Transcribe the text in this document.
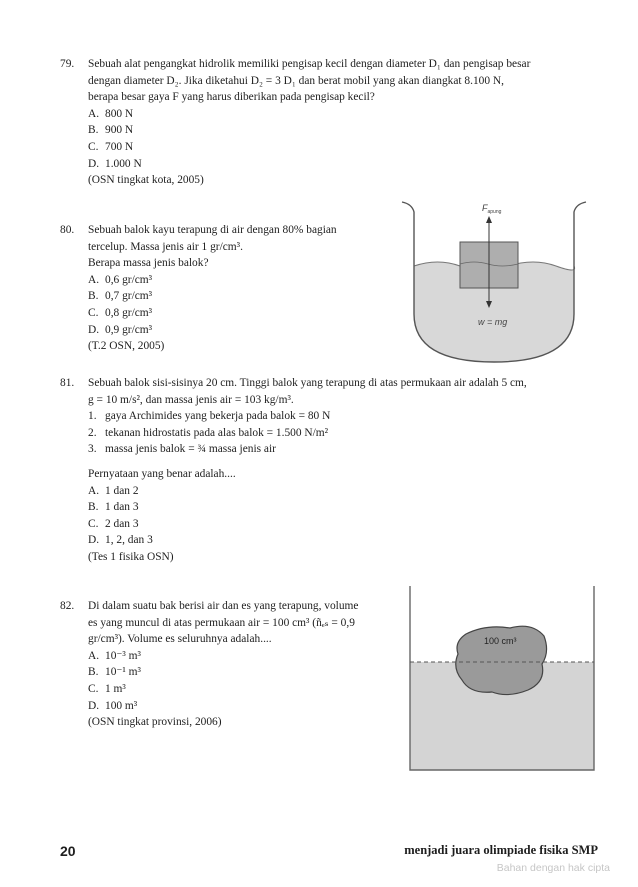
79.	Sebuah alat pengangkat hidrolik memiliki pengisap kecil dengan diameter D₁ dan pengisap besar
dengan diameter D₂. Jika diketahui D₂ = 3 D₁ dan berat mobil yang akan diangkat 8.100 N,
berapa besar gaya F yang harus diberikan pada pengisap kecil?
A. 800 N
B. 900 N
C. 700 N
D. 1.000 N
(OSN tingkat kota, 2005)
80.	Sebuah balok kayu terapung di air dengan 80% bagian
tercelup. Massa jenis air 1 gr/cm³.
Berapa massa jenis balok?
A. 0,6 gr/cm³
B. 0,7 gr/cm³
C. 0,8 gr/cm³
D. 0,9 gr/cm³
(T.2 OSN, 2005)
$F_{apung}$
w = mg
81.	Sebuah balok sisi-sisinya 20 cm. Tinggi balok yang terapung di atas permukaan air adalah 5 cm,
g = 10 m/s², dan massa jenis air = 103 kg/m³.
1. gaya Archimides yang bekerja pada balok = 80 N
2. tekanan hidrostatis pada alas balok = 1.500 N/m²
3. massa jenis balok = ¾ massa jenis air
Pernyataan yang benar adalah....
A. 1 dan 2
B. 1 dan 3
C. 2 dan 3
D. 1, 2, dan 3
(Tes 1 fisika OSN)
82.	Di dalam suatu bak berisi air dan es yang terapung, volume
es yang muncul di atas permukaan air = 100 cm³ (ñₑₛ = 0,9
gr/cm³). Volume es seluruhnya adalah....
A. 10⁻³ m³
B. 10⁻¹ m³
C. 1 m³
D. 100 m³
(OSN tingkat provinsi, 2006)
100 cm³
20	menjadi juara olimpiade fisika SMP
Bahan dengan hak cipta
